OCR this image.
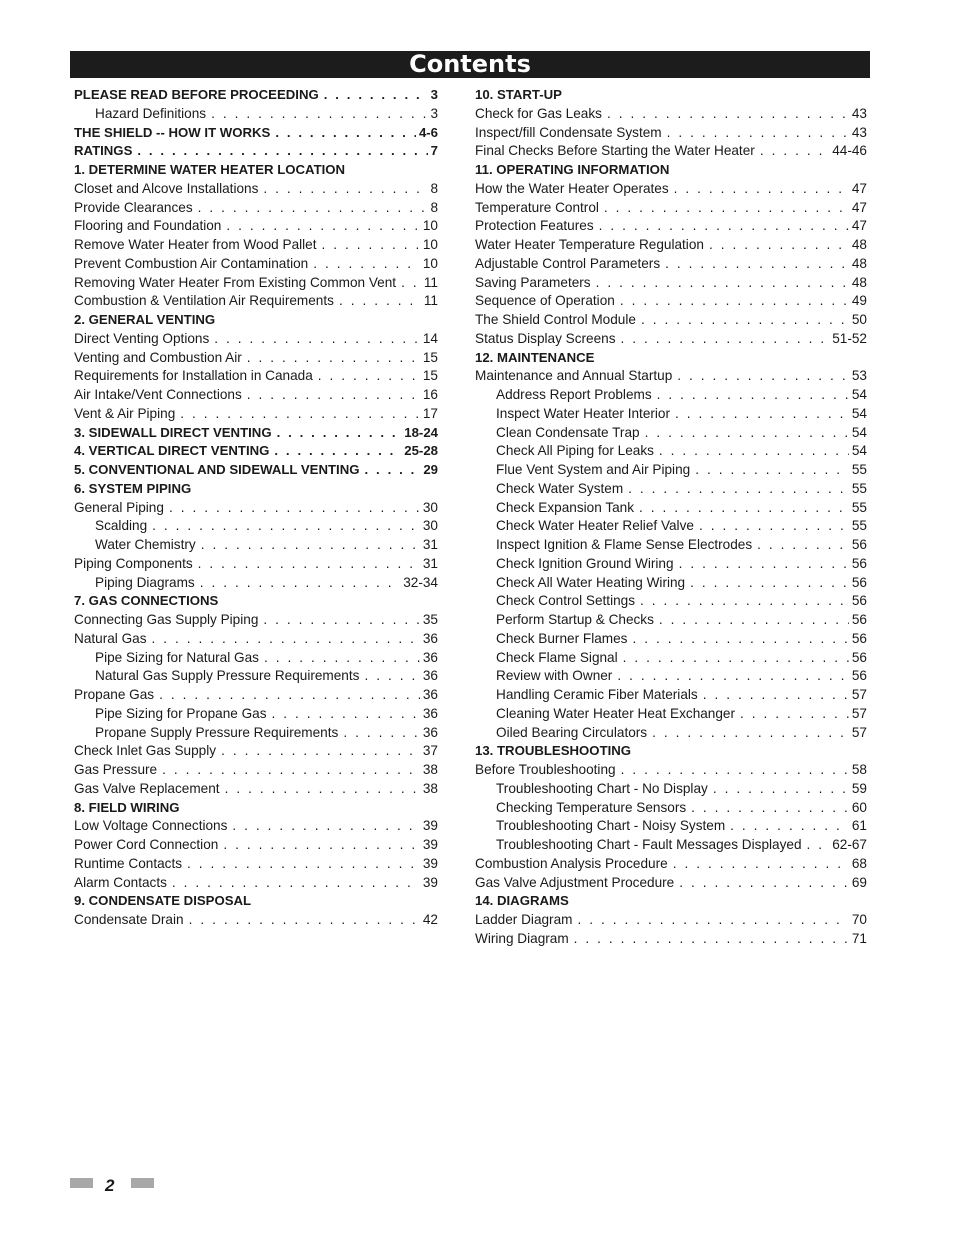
Contents
PLEASE READ BEFORE PROCEEDING . . .	3
Hazard Definitions . . .	3
THE SHIELD -- HOW IT WORKS . . .	4-6
RATINGS . . .	7
1. DETERMINE WATER HEATER LOCATION
Closet and Alcove Installations . . .	8
Provide Clearances . . .	8
Flooring and Foundation . . .	10
Remove Water Heater from Wood Pallet . . .	10
Prevent Combustion Air Contamination . . .	10
Removing Water Heater From Existing Common Vent . . . 11
Combustion & Ventilation Air Requirements . . .	11
2. GENERAL VENTING
Direct Venting Options . . .	14
Venting and Combustion Air . . .	15
Requirements for Installation in Canada . . .	15
Air Intake/Vent Connections . . .	16
Vent & Air Piping . . .	17
3. SIDEWALL DIRECT VENTING . . .	18-24
4. VERTICAL DIRECT VENTING . . .	25-28
5. CONVENTIONAL AND SIDEWALL VENTING . . .	29
6. SYSTEM PIPING
General Piping . . .	30
Scalding . . .	30
Water Chemistry . . .	31
Piping Components . . .	31
Piping Diagrams . . .	32-34
7. GAS CONNECTIONS
Connecting Gas Supply Piping . . .	35
Natural Gas . . .	36
Pipe Sizing for Natural Gas . . .	36
Natural Gas Supply Pressure Requirements . . .	36
Propane Gas . . .	36
Pipe Sizing for Propane Gas . . .	36
Propane Supply Pressure Requirements . . .	36
Check Inlet Gas Supply . . .	37
Gas Pressure . . .	38
Gas Valve Replacement . . .	38
8. FIELD WIRING
Low Voltage Connections . . .	39
Power Cord Connection . . .	39
Runtime Contacts . . .	39
Alarm Contacts . . .	39
9. CONDENSATE DISPOSAL
Condensate Drain . . .	42
10. START-UP
Check for Gas Leaks . . .	43
Inspect/fill Condensate System . . .	43
Final Checks Before Starting the Water Heater . . .	44-46
11. OPERATING INFORMATION
How the Water Heater Operates . . .	47
Temperature Control . . .	47
Protection Features . . .	47
Water Heater Temperature Regulation . . .	48
Adjustable Control Parameters . . .	48
Saving Parameters . . .	48
Sequence of Operation . . .	49
The Shield Control Module . . .	50
Status Display Screens . . .	51-52
12. MAINTENANCE
Maintenance and Annual Startup . . .	53
Address Report Problems . . .	54
Inspect Water Heater Interior . . .	54
Clean Condensate Trap . . .	54
Check All Piping for Leaks . . .	54
Flue Vent System and Air Piping . . .	55
Check Water System . . .	55
Check Expansion Tank . . .	55
Check Water Heater Relief Valve . . .	55
Inspect Ignition & Flame Sense Electrodes . . .	56
Check Ignition Ground Wiring . . .	56
Check All Water Heating Wiring . . .	56
Check Control Settings . . .	56
Perform Startup & Checks . . .	56
Check Burner Flames . . .	56
Check Flame Signal . . .	56
Review with Owner . . .	56
Handling Ceramic Fiber Materials . . .	57
Cleaning Water Heater Heat Exchanger . . .	57
Oiled Bearing Circulators . . .	57
13. TROUBLESHOOTING
Before Troubleshooting . . .	58
Troubleshooting Chart - No Display . . .	59
Checking Temperature Sensors . . .	60
Troubleshooting Chart - Noisy System . . .	61
Troubleshooting Chart - Fault Messages Displayed . . . 62-67
Combustion Analysis Procedure . . .	68
Gas Valve Adjustment Procedure . . .	69
14. DIAGRAMS
Ladder Diagram . . .	70
Wiring Diagram . . .	71
2
